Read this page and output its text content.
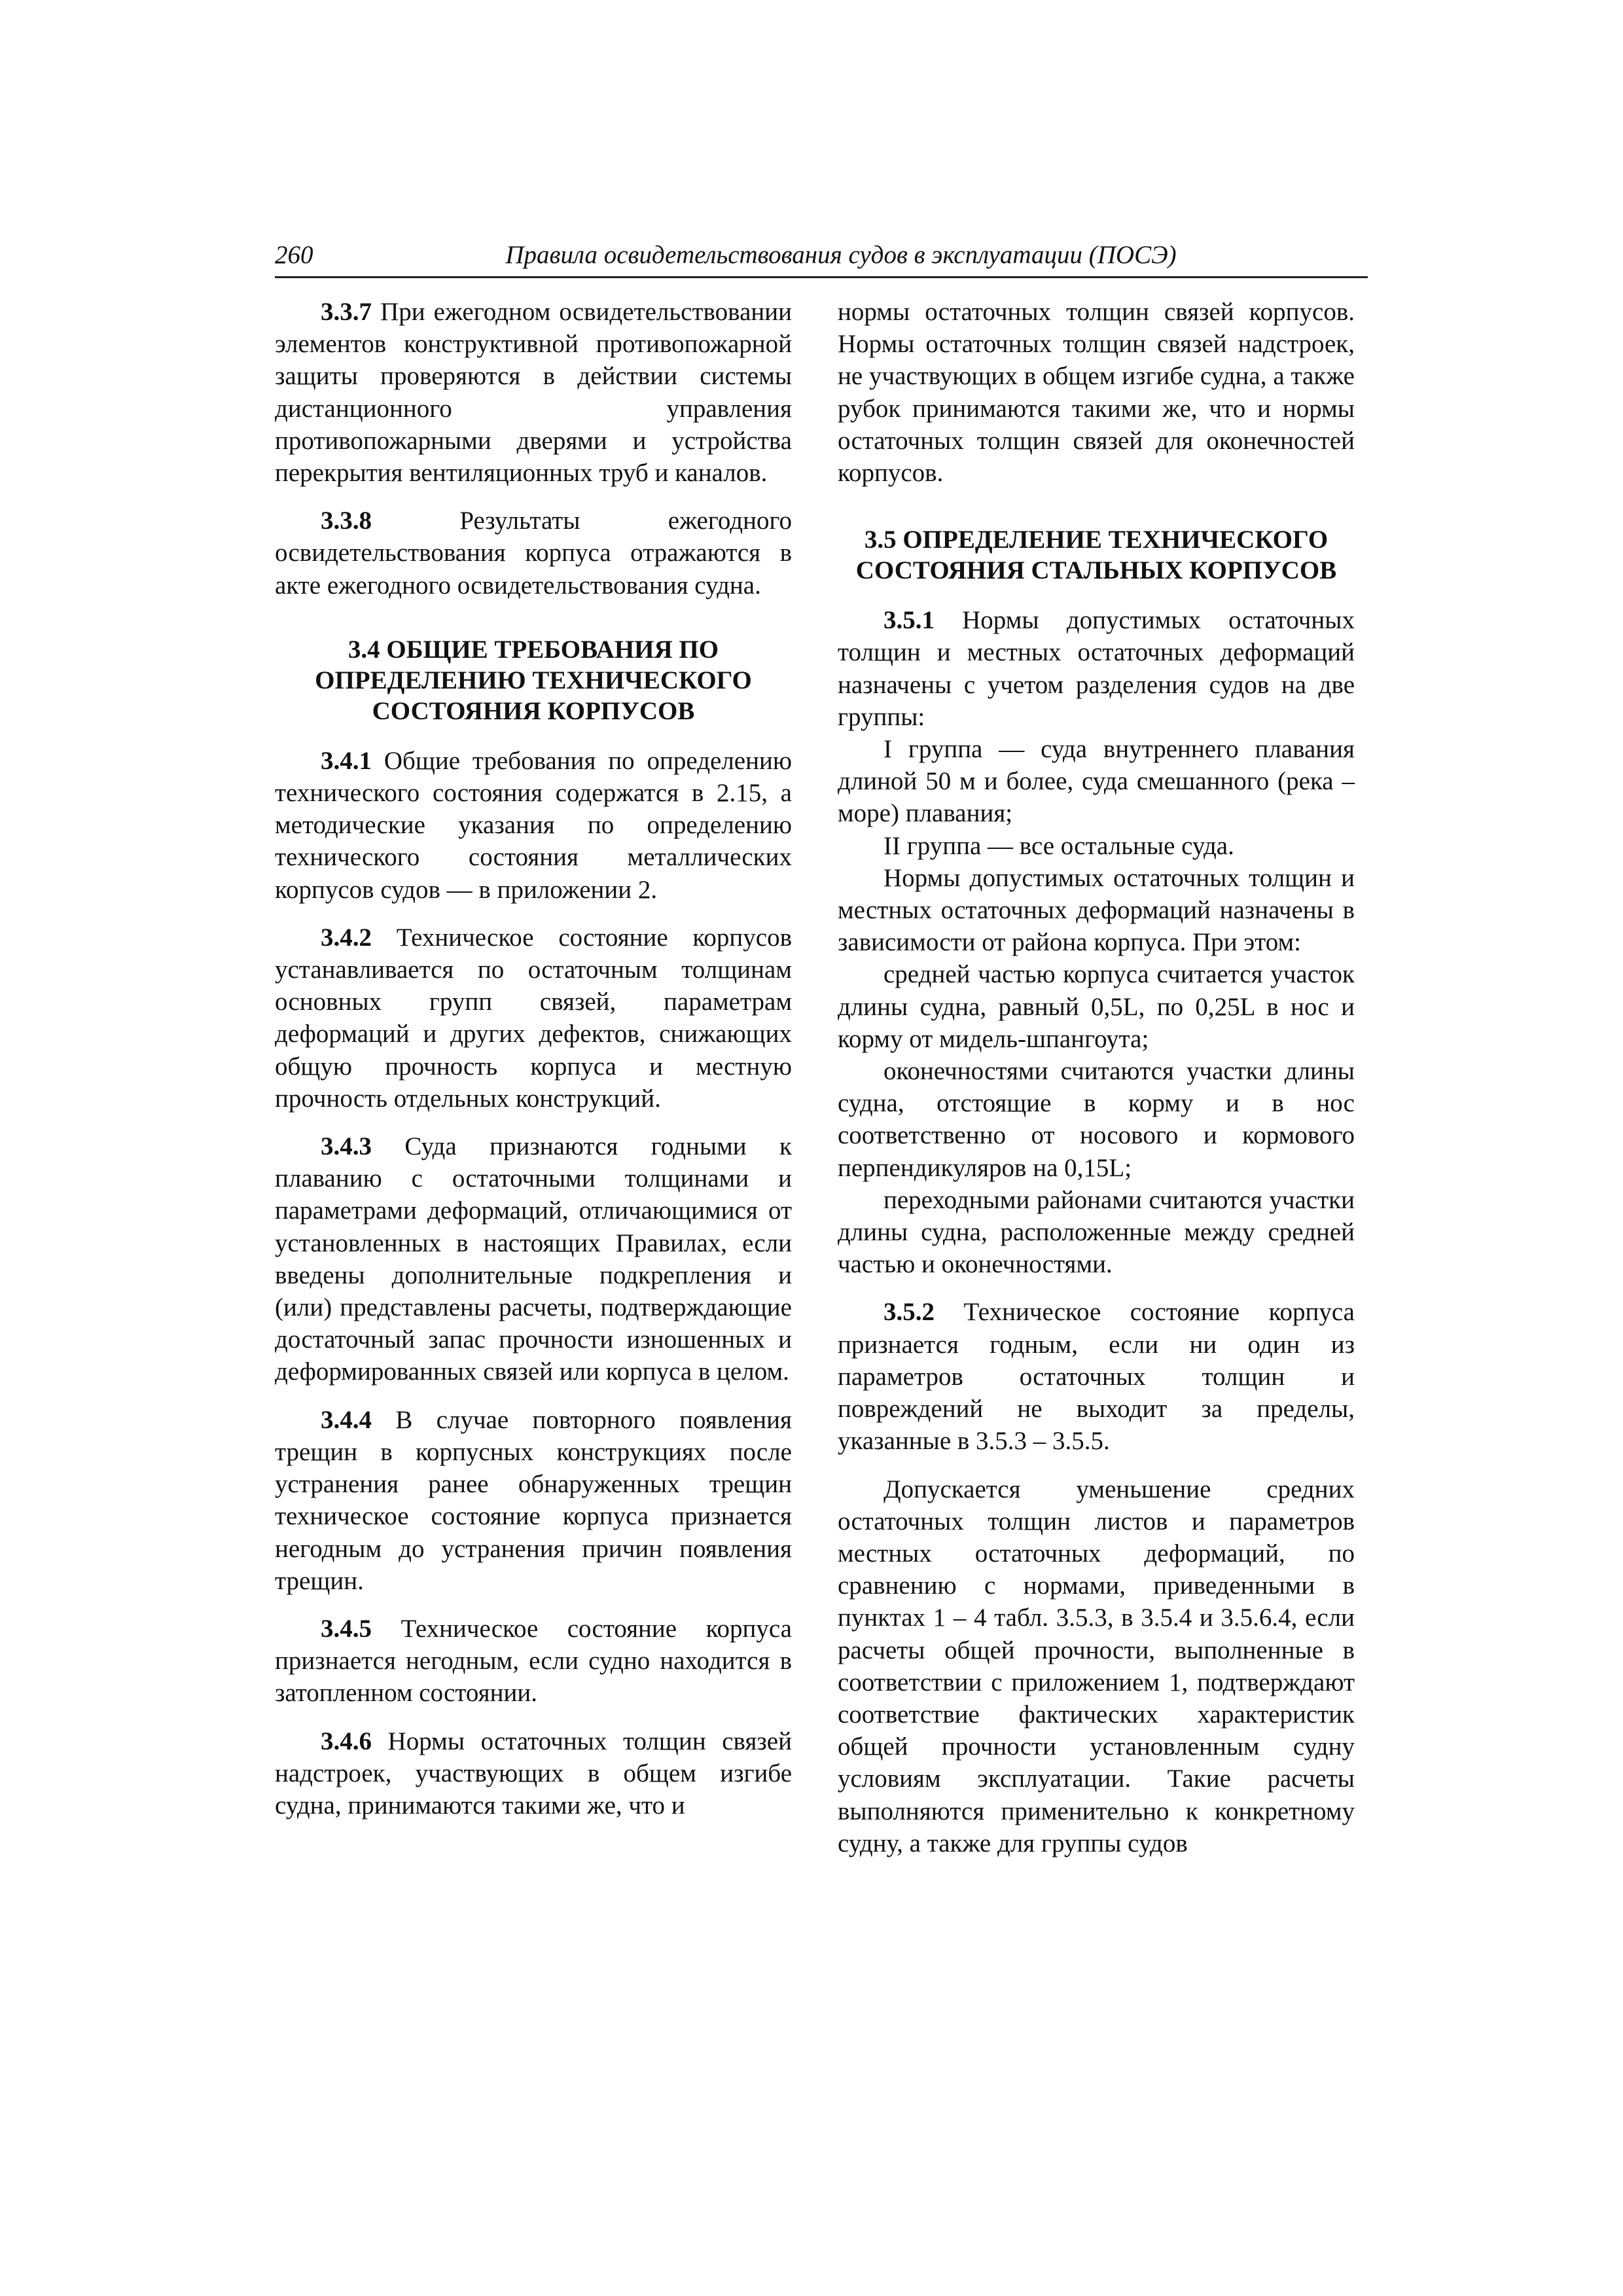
260	Правила освидетельствования судов в эксплуатации (ПОСЭ)

3.3.7 При ежегодном освидетельствовании элементов конструктивной противопожарной защиты проверяются в действии системы дистанционного управления противопожарными дверями и устройства перекрытия вентиляционных труб и каналов.

3.3.8 Результаты ежегодного освидетельствования корпуса отражаются в акте ежегодного освидетельствования судна.

3.4 ОБЩИЕ ТРЕБОВАНИЯ ПО ОПРЕДЕЛЕНИЮ ТЕХНИЧЕСКОГО СОСТОЯНИЯ КОРПУСОВ

3.4.1 Общие требования по определению технического состояния содержатся в 2.15, а методические указания по определению технического состояния металлических корпусов судов — в приложении 2.

3.4.2 Техническое состояние корпусов устанавливается по остаточным толщинам основных групп связей, параметрам деформаций и других дефектов, снижающих общую прочность корпуса и местную прочность отдельных конструкций.

3.4.3 Суда признаются годными к плаванию с остаточными толщинами и параметрами деформаций, отличающимися от установленных в настоящих Правилах, если введены дополнительные подкрепления и (или) представлены расчеты, подтверждающие достаточный запас прочности изношенных и деформированных связей или корпуса в целом.

3.4.4 В случае повторного появления трещин в корпусных конструкциях после устранения ранее обнаруженных трещин техническое состояние корпуса признается негодным до устранения причин появления трещин.

3.4.5 Техническое состояние корпуса признается негодным, если судно находится в затопленном состоянии.

3.4.6 Нормы остаточных толщин связей надстроек, участвующих в общем изгибе судна, принимаются такими же, что и

нормы остаточных толщин связей корпусов. Нормы остаточных толщин связей надстроек, не участвующих в общем изгибе судна, а также рубок принимаются такими же, что и нормы остаточных толщин связей для оконечностей корпусов.

3.5 ОПРЕДЕЛЕНИЕ ТЕХНИЧЕСКОГО СОСТОЯНИЯ СТАЛЬНЫХ КОРПУСОВ

3.5.1 Нормы допустимых остаточных толщин и местных остаточных деформаций назначены с учетом разделения судов на две группы:

I группа — суда внутреннего плавания длиной 50 м и более, суда смешанного (река – море) плавания;

II группа — все остальные суда.

Нормы допустимых остаточных толщин и местных остаточных деформаций назначены в зависимости от района корпуса. При этом:

средней частью корпуса считается участок длины судна, равный 0,5L, по 0,25L в нос и корму от мидель-шпангоута;

оконечностями считаются участки длины судна, отстоящие в корму и в нос соответственно от носового и кормового перпендикуляров на 0,15L;

переходными районами считаются участки длины судна, расположенные между средней частью и оконечностями.

3.5.2 Техническое состояние корпуса признается годным, если ни один из параметров остаточных толщин и повреждений не выходит за пределы, указанные в 3.5.3 – 3.5.5.

Допускается уменьшение средних остаточных толщин листов и параметров местных остаточных деформаций, по сравнению с нормами, приведенными в пунктах 1 – 4 табл. 3.5.3, в 3.5.4 и 3.5.6.4, если расчеты общей прочности, выполненные в соответствии с приложением 1, подтверждают соответствие фактических характеристик общей прочности установленным судну условиям эксплуатации. Такие расчеты выполняются применительно к конкретному судну, а также для группы судов
